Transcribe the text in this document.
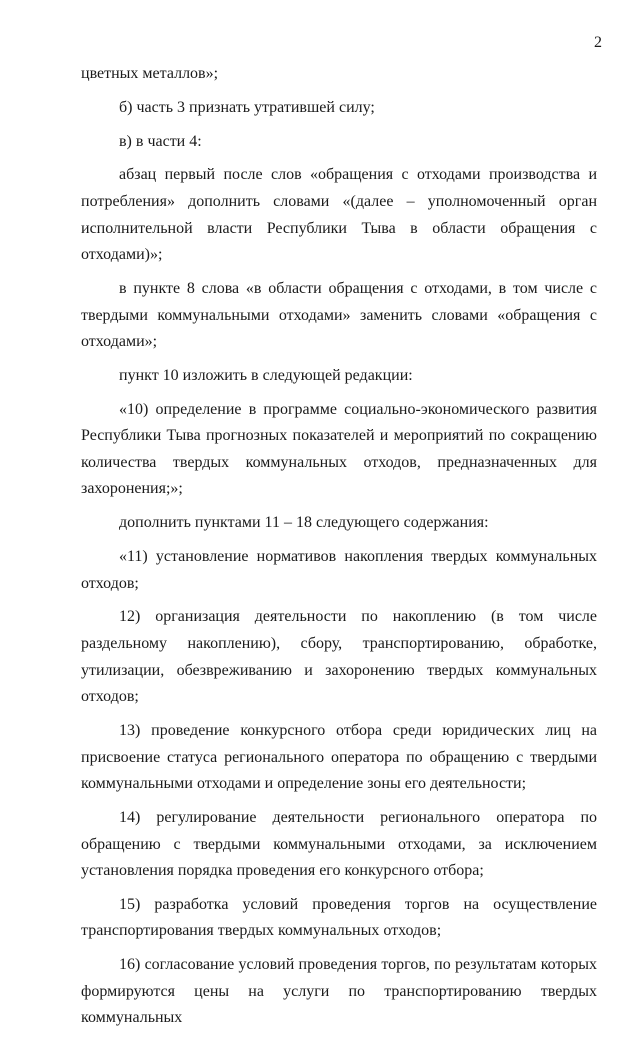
2

цветных металлов»;

б) часть 3 признать утратившей силу;

в) в части 4:

абзац первый после слов «обращения с отходами производства и потребления» дополнить словами «(далее – уполномоченный орган исполнительной власти Республики Тыва в области обращения с отходами)»;

в пункте 8 слова «в области обращения с отходами, в том числе с твердыми коммунальными отходами» заменить словами «обращения с отходами»;

пункт 10 изложить в следующей редакции:

«10) определение в программе социально-экономического развития Республики Тыва прогнозных показателей и мероприятий по сокращению количества твердых коммунальных отходов, предназначенных для захоронения;»;

дополнить пунктами 11 – 18 следующего содержания:

«11) установление нормативов накопления твердых коммунальных отходов;

12) организация деятельности по накоплению (в том числе раздельному накоплению), сбору, транспортированию, обработке, утилизации, обезвреживанию и захоронению твердых коммунальных отходов;

13) проведение конкурсного отбора среди юридических лиц на присвоение статуса регионального оператора по обращению с твердыми коммунальными отходами и определение зоны его деятельности;

14) регулирование деятельности регионального оператора по обращению с твердыми коммунальными отходами, за исключением установления порядка проведения его конкурсного отбора;

15) разработка условий проведения торгов на осуществление транспортирования твердых коммунальных отходов;

16) согласование условий проведения торгов, по результатам которых формируются цены на услуги по транспортированию твердых коммунальных
